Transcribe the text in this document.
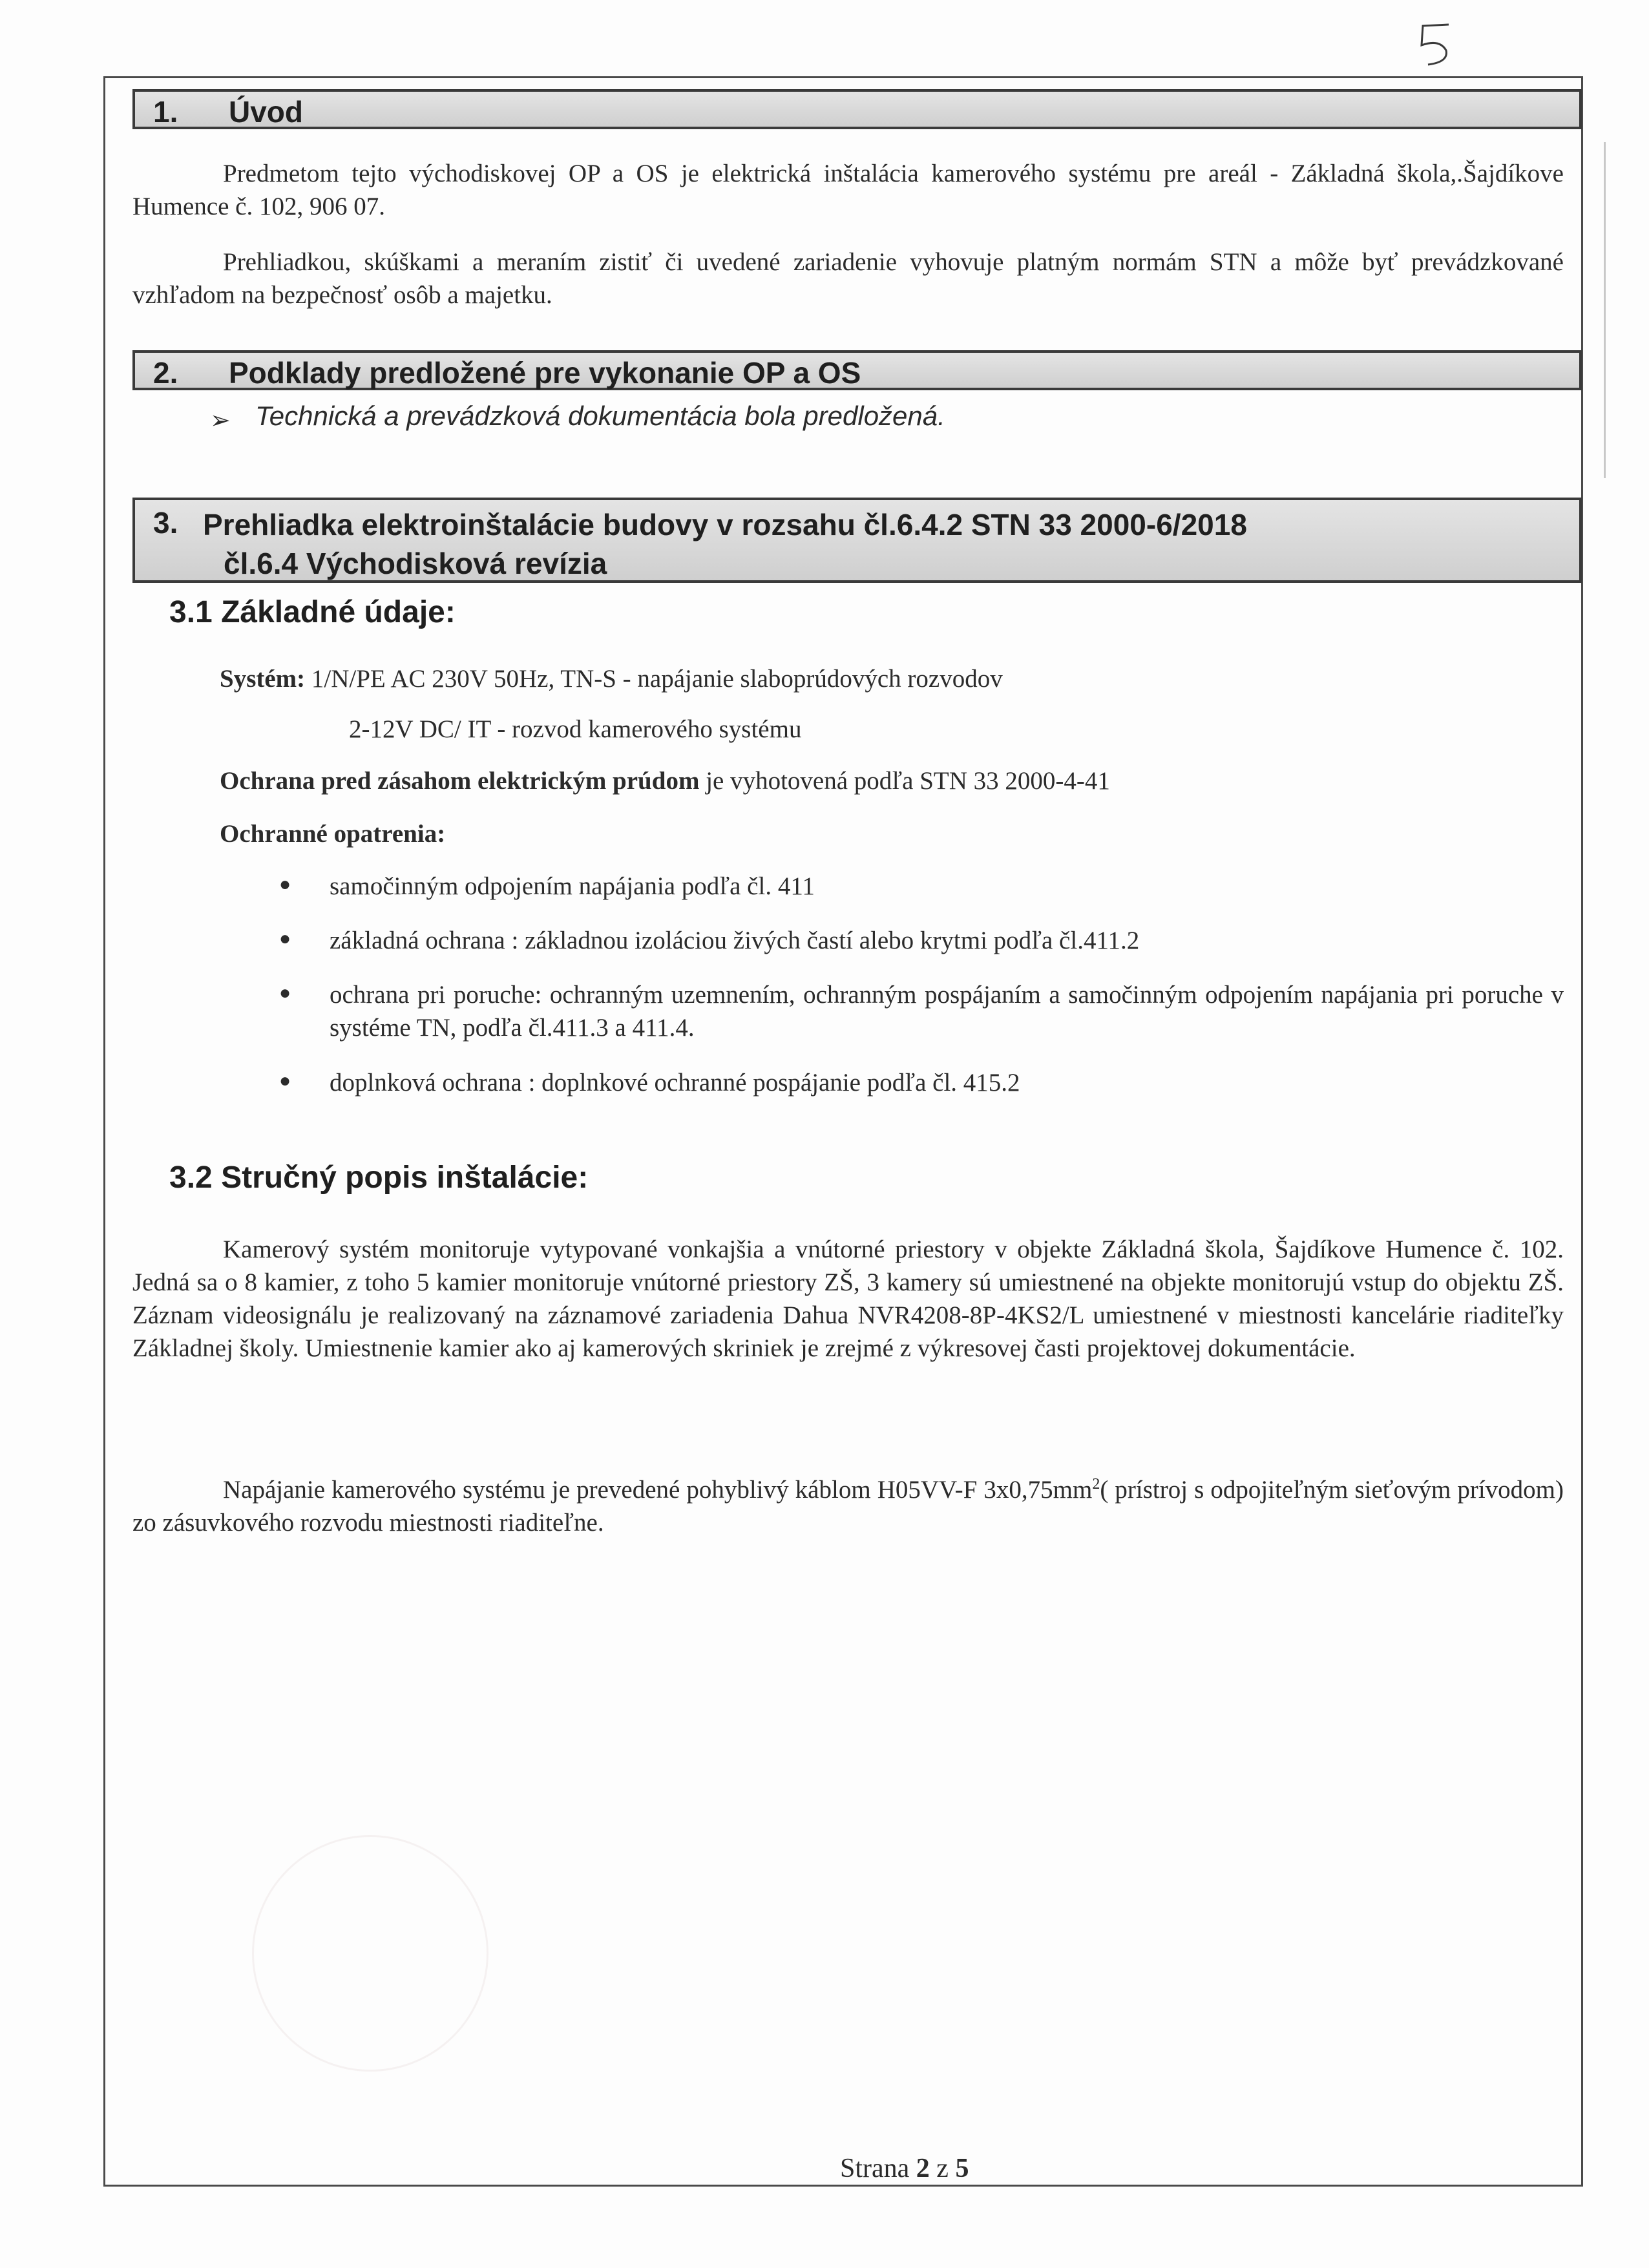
1. Úvod
Predmetom tejto východiskovej OP a OS je elektrická inštalácia kamerového systému pre areál - Základná škola,.Šajdíkove Humence č. 102, 906 07.
Prehliadkou, skúškami a meraním zistiť či uvedené zariadenie vyhovuje platným normám STN a môže byť prevádzkované vzhľadom na bezpečnosť osôb a majetku.
2. Podklady predložené pre vykonanie OP a OS
➢ Technická a prevádzková dokumentácia bola predložená.
3. Prehliadka elektroinštalácie budovy v rozsahu čl.6.4.2 STN 33 2000-6/2018
čl.6.4 Východisková revízia
3.1 Základné údaje:
Systém: 1/N/PE AC 230V 50Hz, TN-S - napájanie slaboprúdových rozvodov
2-12V DC/ IT - rozvod kamerového systému
Ochrana pred zásahom elektrickým prúdom je vyhotovená podľa STN 33 2000-4-41
Ochranné opatrenia:
● samočinným odpojením napájania podľa čl. 411
● základná ochrana : základnou izoláciou živých častí alebo krytmi podľa čl.411.2
● ochrana pri poruche: ochranným uzemnením, ochranným pospájaním a samočinným odpojením napájania pri poruche v systéme TN, podľa čl.411.3 a 411.4.
● doplnková ochrana : doplnkové ochranné pospájanie podľa čl. 415.2
3.2 Stručný popis inštalácie:
Kamerový systém monitoruje vytypované vonkajšia a vnútorné priestory v objekte Základná škola, Šajdíkove Humence č. 102. Jedná sa o 8 kamier, z toho 5 kamier monitoruje vnútorné priestory ZŠ, 3 kamery sú umiestnené na objekte monitorujú vstup do objektu ZŠ. Záznam videosignálu je realizovaný na záznamové zariadenia Dahua NVR4208-8P-4KS2/L umiestnené v miestnosti kancelárie riaditeľky Základnej školy. Umiestnenie kamier ako aj kamerových skriniek je zrejmé z výkresovej časti projektovej dokumentácie.
Napájanie kamerového systému je prevedené pohyblivý káblom H05VV-F $3x0,75mm^2$( prístroj s odpojiteľným sieťovým prívodom) zo zásuvkového rozvodu miestnosti riaditeľne.
Strana 2 z 5
